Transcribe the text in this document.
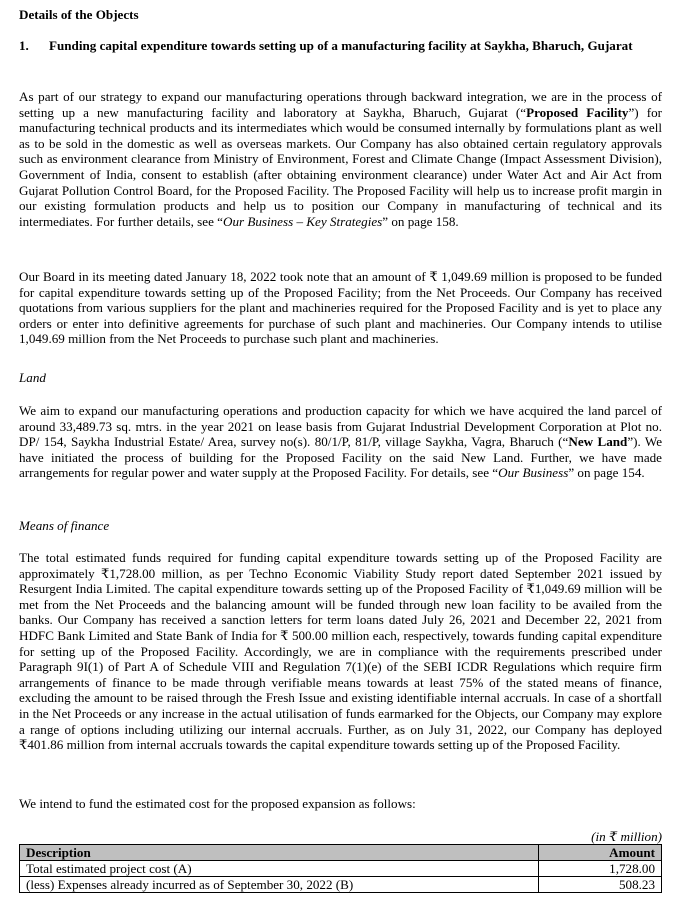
Details of the Objects
1. Funding capital expenditure towards setting up of a manufacturing facility at Saykha, Bharuch, Gujarat

As part of our strategy to expand our manufacturing operations through backward integration, we are in the process of setting up a new manufacturing facility and laboratory at Saykha, Bharuch, Gujarat (“Proposed Facility”) for manufacturing technical products and its intermediates which would be consumed internally by formulations plant as well as to be sold in the domestic as well as overseas markets. Our Company has also obtained certain regulatory approvals such as environment clearance from Ministry of Environment, Forest and Climate Change (Impact Assessment Division), Government of India, consent to establish (after obtaining environment clearance) under Water Act and Air Act from Gujarat Pollution Control Board, for the Proposed Facility. The Proposed Facility will help us to increase profit margin in our existing formulation products and help us to position our Company in manufacturing of technical and its intermediates. For further details, see “Our Business – Key Strategies” on page 158.

Our Board in its meeting dated January 18, 2022 took note that an amount of ₹ 1,049.69 million is proposed to be funded for capital expenditure towards setting up of the Proposed Facility; from the Net Proceeds. Our Company has received quotations from various suppliers for the plant and machineries required for the Proposed Facility and is yet to place any orders or enter into definitive agreements for purchase of such plant and machineries. Our Company intends to utilise 1,049.69 million from the Net Proceeds to purchase such plant and machineries.

Land

We aim to expand our manufacturing operations and production capacity for which we have acquired the land parcel of around 33,489.73 sq. mtrs. in the year 2021 on lease basis from Gujarat Industrial Development Corporation at Plot no. DP/ 154, Saykha Industrial Estate/ Area, survey no(s). 80/1/P, 81/P, village Saykha, Vagra, Bharuch (“New Land”). We have initiated the process of building for the Proposed Facility on the said New Land. Further, we have made arrangements for regular power and water supply at the Proposed Facility. For details, see “Our Business” on page 154.

Means of finance

The total estimated funds required for funding capital expenditure towards setting up of the Proposed Facility are approximately ₹1,728.00 million, as per Techno Economic Viability Study report dated September 2021 issued by Resurgent India Limited. The capital expenditure towards setting up of the Proposed Facility of ₹1,049.69 million will be met from the Net Proceeds and the balancing amount will be funded through new loan facility to be availed from the banks. Our Company has received a sanction letters for term loans dated July 26, 2021 and December 22, 2021 from HDFC Bank Limited and State Bank of India for ₹ 500.00 million each, respectively, towards funding capital expenditure for setting up of the Proposed Facility. Accordingly, we are in compliance with the requirements prescribed under Paragraph 9I(1) of Part A of Schedule VIII and Regulation 7(1)(e) of the SEBI ICDR Regulations which require firm arrangements of finance to be made through verifiable means towards at least 75% of the stated means of finance, excluding the amount to be raised through the Fresh Issue and existing identifiable internal accruals. In case of a shortfall in the Net Proceeds or any increase in the actual utilisation of funds earmarked for the Objects, our Company may explore a range of options including utilizing our internal accruals. Further, as on July 31, 2022, our Company has deployed ₹401.86 million from internal accruals towards the capital expenditure towards setting up of the Proposed Facility.

We intend to fund the estimated cost for the proposed expansion as follows:

(in ₹ million)
Description	Amount
Total estimated project cost (A)	1,728.00
(less) Expenses already incurred as of September 30, 2022 (B)	508.23
